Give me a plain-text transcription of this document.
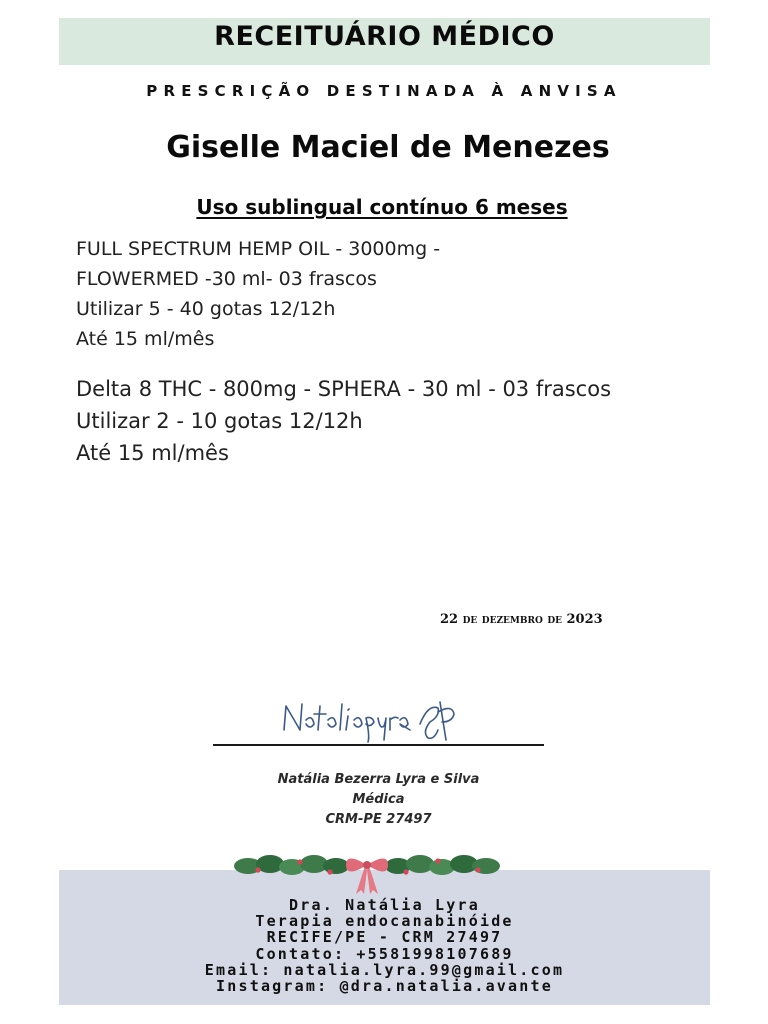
RECEITUÁRIO MÉDICO
PRESCRIÇÃO DESTINADA À ANVISA
Giselle Maciel de Menezes
Uso sublingual contínuo 6 meses
FULL SPECTRUM HEMP OIL - 3000mg -
FLOWERMED -30 ml- 03 frascos
Utilizar 5 - 40 gotas 12/12h
Até 15 ml/mês
Delta 8 THC - 800mg - SPHERA - 30 ml - 03 frascos
Utilizar 2 - 10 gotas 12/12h
Até 15 ml/mês
22 de dezembro de 2023
Natália Bezerra Lyra e Silva
Médica
CRM-PE 27497
Dra. Natália Lyra
Terapia endocanabinóide
RECIFE/PE - CRM 27497
Contato: +5581998107689
Email: natalia.lyra.99@gmail.com
Instagram: @dra.natalia.avante
